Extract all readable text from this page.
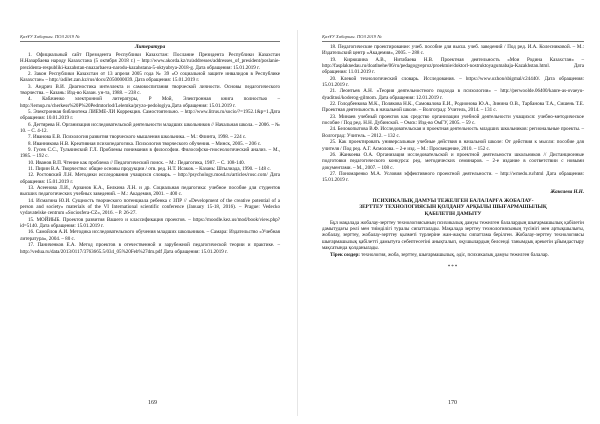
ҚазҰУ Хабаршы. ПОЗ 2019 №	ҚазҰУ Хабаршы. ПОЗ 2019 №
Литература

1. Официальный сайт Президента Республики Казахстан: Послание Президента Республики Казахстан Н.Назарбаева народу Казахстана (5 октября 2018 г.) – http://www.akorda.kz/ru/addresses/addresses_of_president/poslanie-prezidenta-respubliki-kazahstan-nnazarbaeva-narodu-kazahstana-5-oktyabrya-2018-g. Дата обращения: 15.01.2019 г.

2. Закон Республики Казахстан от 13 апреля 2005 года № 39 «О социальной защите инвалидов в Республике Казахстан» – http://adilet.zan.kz/rus/docs/Z050000039. Дата обращения: 15.01.2019 г.

3. Андрич В.И. Диагностика интеллекта и самовоспитания творческой личности. Основы педагогического творчества. – Казань: Изд-во Казан. ун-та, 1988. – 238 с.

4. Кабаченко электронной литературы, Р Мой, Электронная книга полностью – http://lernup.ru/cherkess%20P%20Pedmtorlod/Lelemka/pryzo-pedologiya.Дата обращения: 15.01.2019 г.

5. Электронная библиотека ЛИЕМЕ-ЛИ Коррекция. Самостоятельно. – http://www.litrus.ru/socio/?=1952.1&p=1.Дата обращения: 10.01.2019 г.

6. Дегтярева Н. Организация исследовательской деятельности младших школьников // Начальная школа. – 2006. – № 10. – С. 4-12.

7. Иванова Е.В. Психология развития творческого мышления школьника. – М.: Флинта, 1998. – 224 с.

8. Иванникова Н.В. Креативная психопедагогика. Психология творческого обучения. – Минск, 2005. – 206 с.

9. Гусев С.С., Тульчинский Г.Л. Проблемы понимания в философии. Философско-гносеологический анализ. – М., 1985. – 192 с.

10. Иванов В.П. Чтение как проблема // Педагогический поиск. – М.: Педагогика, 1987. – С. 108-140.

11. Пирин В.А. Творчество: общие основы продукции / отв. ред. Н.Т. Исаков. – Казань: Штылиада, 1990. – 148 с.

12. Ростовский Л.Н. Методики исследования учащихся словарь. – http://psychology.mosd.ru/articles/rosc.com/ Дата обращения: 15.01.2019 г.

13. Асеенова Л.И., Арзанов К.А., Белкина Л.Н. и др. Социальная педагогика: учебное пособие для студентов высших педагогических учебных заведений. – М.: Академия, 2001. – 400 с.

14. Исмагина Ю.И. Сущность творческого потенциала ребенка с ЗПР // «Development of the creative potential of a person and society» materials of the VI International scientific conference (January 15-18, 2016). – Prague: Vedecko vydavatelske centrum «Sociosfera-CZ», 2016. – P. 26-27.

15. МОЙИЫБ. Проектов развития Вашего и классификация проектов. – https://moodle.kez.us/mod/book/view.php?id=5140. Дата обращения: 15.01.2019 г.

16. Самойлов А.И. Методика исследовательского обучения младших школьников. – Самара: Издательство «Учебная литература», 2004. – 80 с.

17. Паниченков Е.А. Метод проектов в отечественной и зарубежной педагогической теории и практике. – http://vedua.ru/data/2013/0117/3763665.5/034_05%20Feb%27dm.pdf Дата обращения: 15.01.2019 г.

18. Педагогические проектирование: учеб. пособие для высш. учеб. заведений / Под ред. И.А. Колесниковой. – М.: Издательский центр «Академия», 2005. – 288 с.

19. Кирюшина А.В., Нитабаева Н.В. Проектная деятельность «Мои Родина Казахстан» – http://fasplaknedau.ru/doatlnehe/06/ru/pedagogyeproz/proektnie/doktorl-nostruktoyagumabaja-Kazakhstan.html. Дата обращения: 11.01.2019 г.

20. Клевой технологический словарь. Исследования. – https://www.ozhon/sbigmal/c24440/. Дата обращения: 15.01.2019 г.

21. Леонтьев А.Н. «Теория деятельностного подхода в психологии» – http://perwoolde.06400/kanre-as-ovaeyu-dyaditnsi/koderog-gilmom. Дата обращения: 12.01.2019 г.

22. Голодбенкова М.К., Полякова Н.К., Самовалова Е.И., Родионова Ю.А., Зинина О.В., Тарбанова Т.А., Сишень Т.Е. Проектная деятельность в начальной школе. – Волгоград: Учитель, 2014. – 131 с.

23. Минаев учебный проектов как средство организации учебной деятельности учащихся: учебно-методическое пособие / Под ред. Н.Н. Дубинской. – Омск: Изд-во ОмГУ, 2005. – 59 с.

24. Белокопытова В.Ф. Исследовательская и проектная деятельность младших школьников: региональные проекты. – Волгоград: Учитель. – 2012. – 132 с.

25. Как проектировать универсальные учебные действия в начальной школе: От действия к мысли: пособие для учителя / Под ред. А.Г. Асмолова. – 2-е изд. – М.: Просвещение, 2010. – 152 с.

26. Жанкоева О.А. Организация исследовательской и проектной деятельности школьников // Дистанционные подготовки педагогического конкурса: ред. методических семинаров. – 2-е издание в соответствии с новыми документами. – М., 2007. – 108 с.

27. Пономаренко М.А. Условия эффективного проектной деятельности. – http://wmedu.ru/html Дата обращения: 15.01.2019 г.

Жансаева Н.Н.
ПСИХИКАЛЫҚ ДАМУЫ ТЕЖЕЛГЕН БАЛАЛАРҒА ЖОБАЛАУ-
ЗЕРТТЕУ ТЕХНОЛОГИЯСЫН ҚОЛДАНУ АРҚЫЛЫ ШЫҒАРМАШЫЛЫҚ
ҚАБІЛЕТІН ДАМЫТУ

Бұл мақалада жобалау-зерттеу технологиясының психикалық дамуы тежелген балалардың шығармашылық қабілетін дамытудағы рөлі мен тиімділігі туралы сипатталады. Мақалада зерттеу технологиясының түсінігі мен артықшылығы, жобалау, зерттеу, жобалау-зерттеу қызметі түрлеріне жан-жақты сипаттама берілген. Жобалау-зерттеу технологиясы шығармашылық қабілетті дамытуға себептесетіні анықталып, оқушылардың белсенді танымдық әрекетін ұйымдастыру мақсатында қолданылады.

Тірек сөздер: технология, жоба, зерттеу, шығармашылық, әдіс, психикалық дамуы тежелген балалар.

***
169	170
